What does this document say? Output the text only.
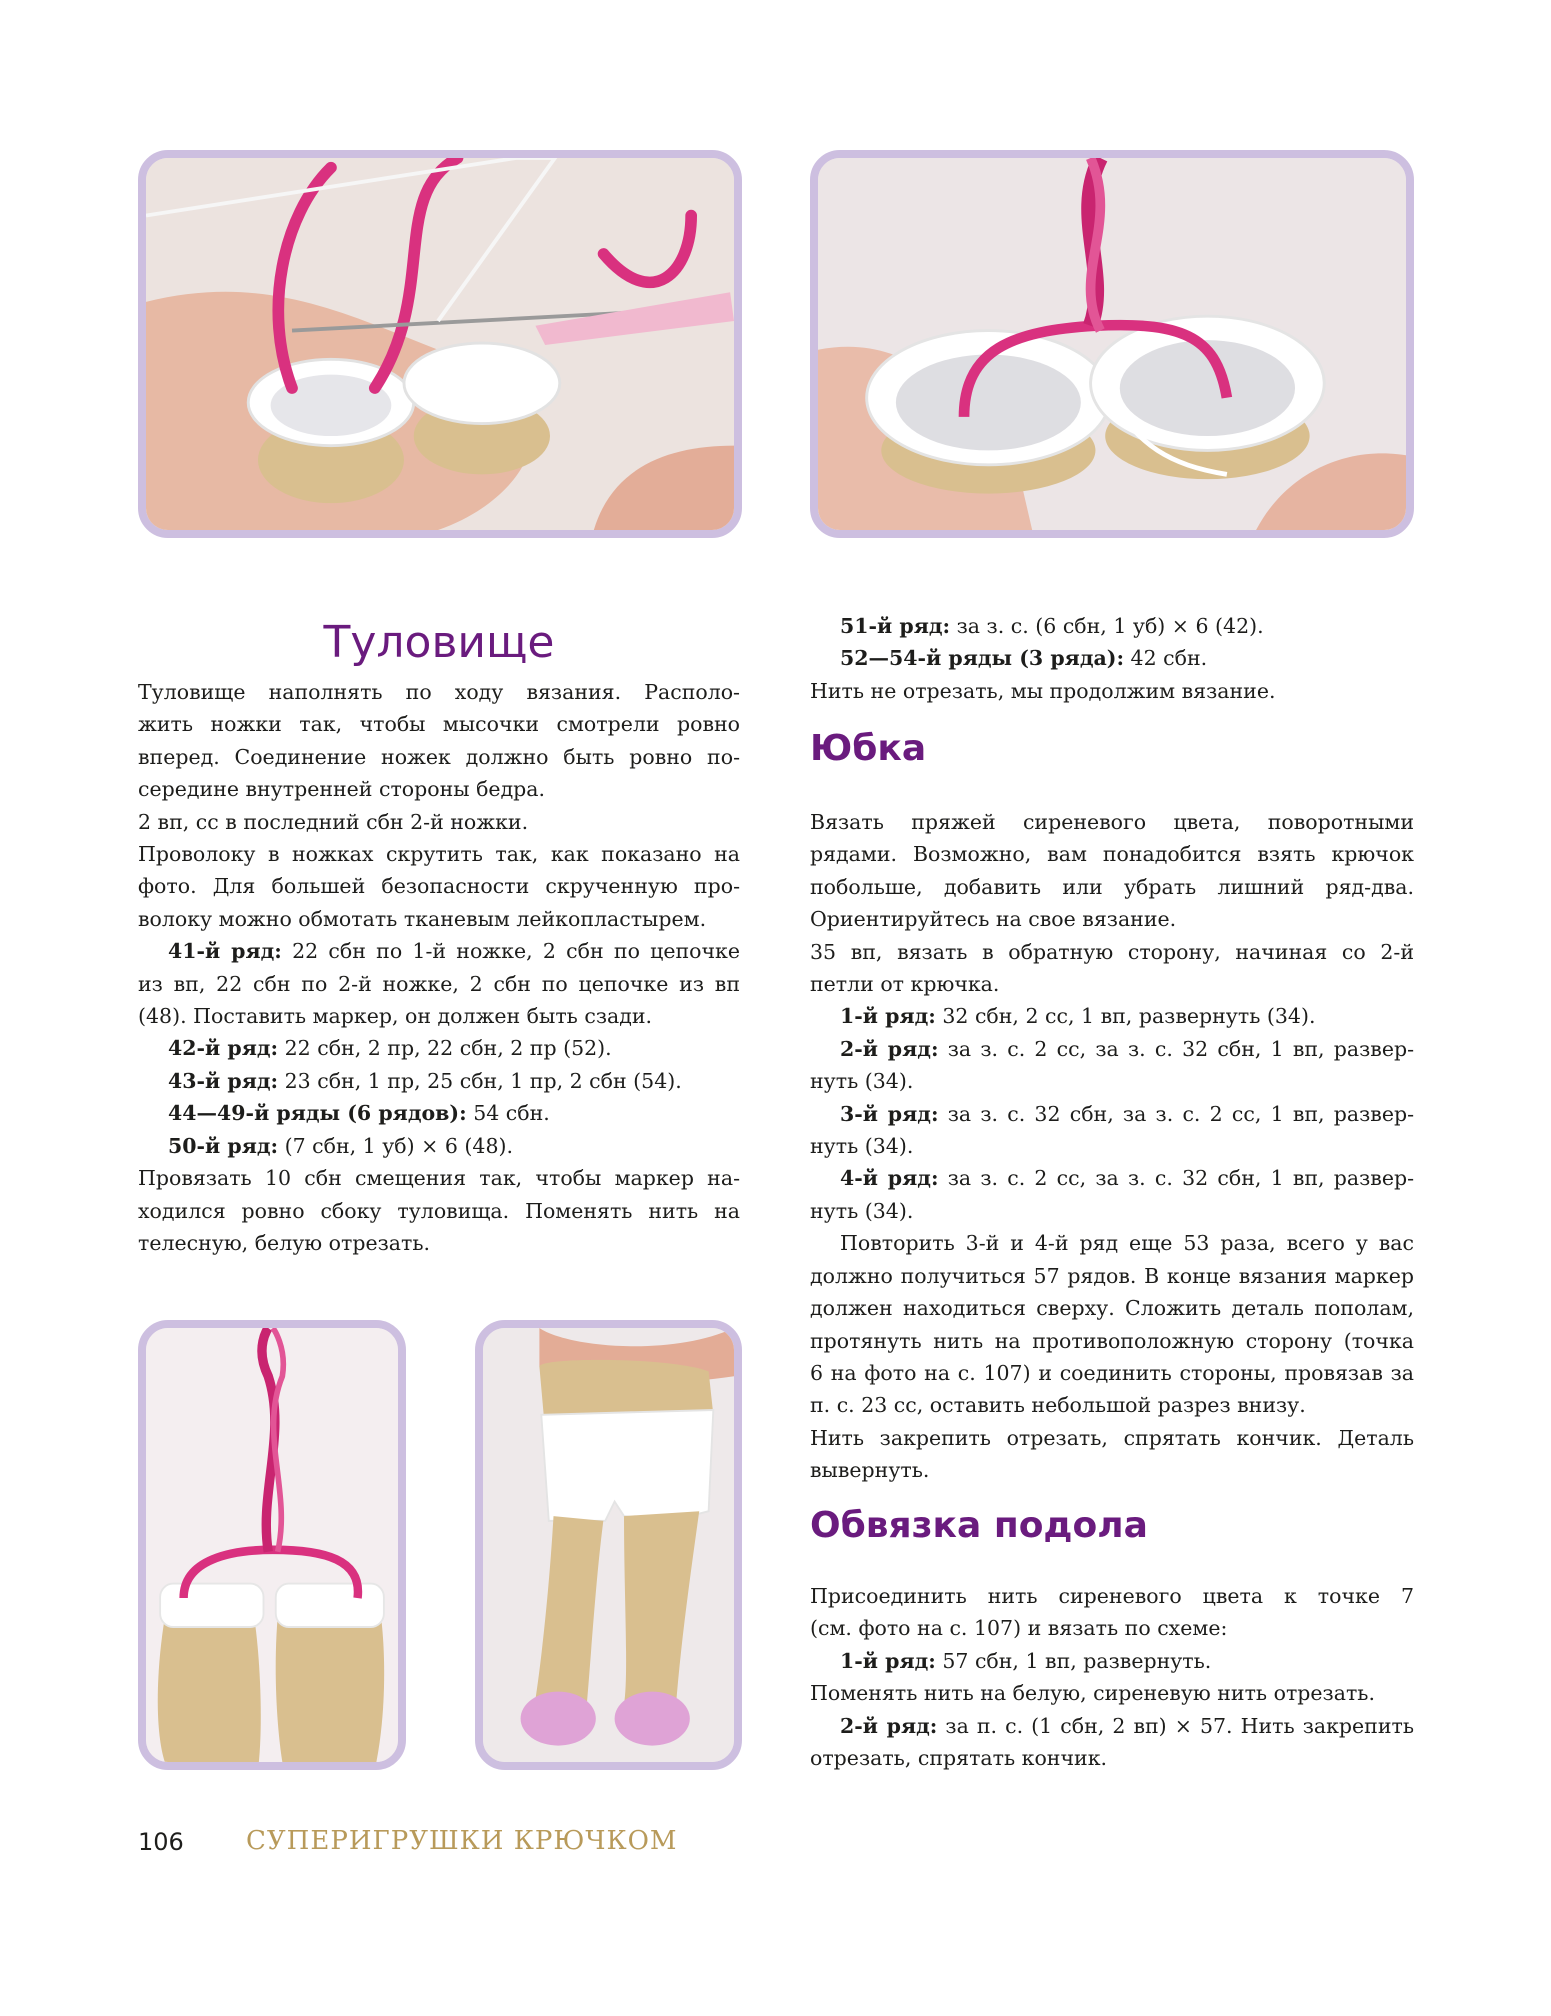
Туловище

Туловище наполнять по ходу вязания. Располо-

жить ножки так, чтобы мысочки смотрели ровно

вперед. Соединение ножек должно быть ровно по-

середине внутренней стороны бедра.

2 вп, сс в последний сбн 2-й ножки.

Проволоку в ножках скрутить так, как показано на

фото. Для большей безопасности скрученную про-

волоку можно обмотать тканевым лейкопластырем.

41-й ряд: 22 сбн по 1-й ножке, 2 сбн по цепочке

из вп, 22 сбн по 2-й ножке, 2 сбн по цепочке из вп

(48). Поставить маркер, он должен быть сзади.

42-й ряд: 22 сбн, 2 пр, 22 сбн, 2 пр (52).

43-й ряд: 23 сбн, 1 пр, 25 сбн, 1 пр, 2 сбн (54).

44—49-й ряды (6 рядов): 54 сбн.

50-й ряд: (7 сбн, 1 уб) × 6 (48).

Провязать 10 сбн смещения так, чтобы маркер на-

ходился ровно сбоку туловища. Поменять нить на

телесную, белую отрезать.

51-й ряд: за з. с. (6 сбн, 1 уб) × 6 (42).

52—54-й ряды (3 ряда): 42 сбн.

Нить не отрезать, мы продолжим вязание.

Юбка

Вязать пряжей сиреневого цвета, поворотными

рядами. Возможно, вам понадобится взять крючок

побольше, добавить или убрать лишний ряд-два.

Ориентируйтесь на свое вязание.

35 вп, вязать в обратную сторону, начиная со 2-й

петли от крючка.

1-й ряд: 32 сбн, 2 сс, 1 вп, развернуть (34).

2-й ряд: за з. с. 2 сс, за з. с. 32 сбн, 1 вп, развер-

нуть (34).

3-й ряд: за з. с. 32 сбн, за з. с. 2 сс, 1 вп, развер-

нуть (34).

4-й ряд: за з. с. 2 сс, за з. с. 32 сбн, 1 вп, развер-

нуть (34).

Повторить 3-й и 4-й ряд еще 53 раза, всего у вас

должно получиться 57 рядов. В конце вязания маркер

должен находиться сверху. Сложить деталь пополам,

протянуть нить на противоположную сторону (точка

6 на фото на с. 107) и соединить стороны, провязав за

п. с. 23 сс, оставить небольшой разрез внизу.

Нить закрепить отрезать, спрятать кончик. Деталь

вывернуть.

Обвязка подола

Присоединить нить сиреневого цвета к точке 7

(см. фото на с. 107) и вязать по схеме:

1-й ряд: 57 сбн, 1 вп, развернуть.

Поменять нить на белую, сиреневую нить отрезать.

2-й ряд: за п. с. (1 сбн, 2 вп) × 57. Нить закрепить

отрезать, спрятать кончик.

106 СУПЕРИГРУШКИ КРЮЧКОМ
